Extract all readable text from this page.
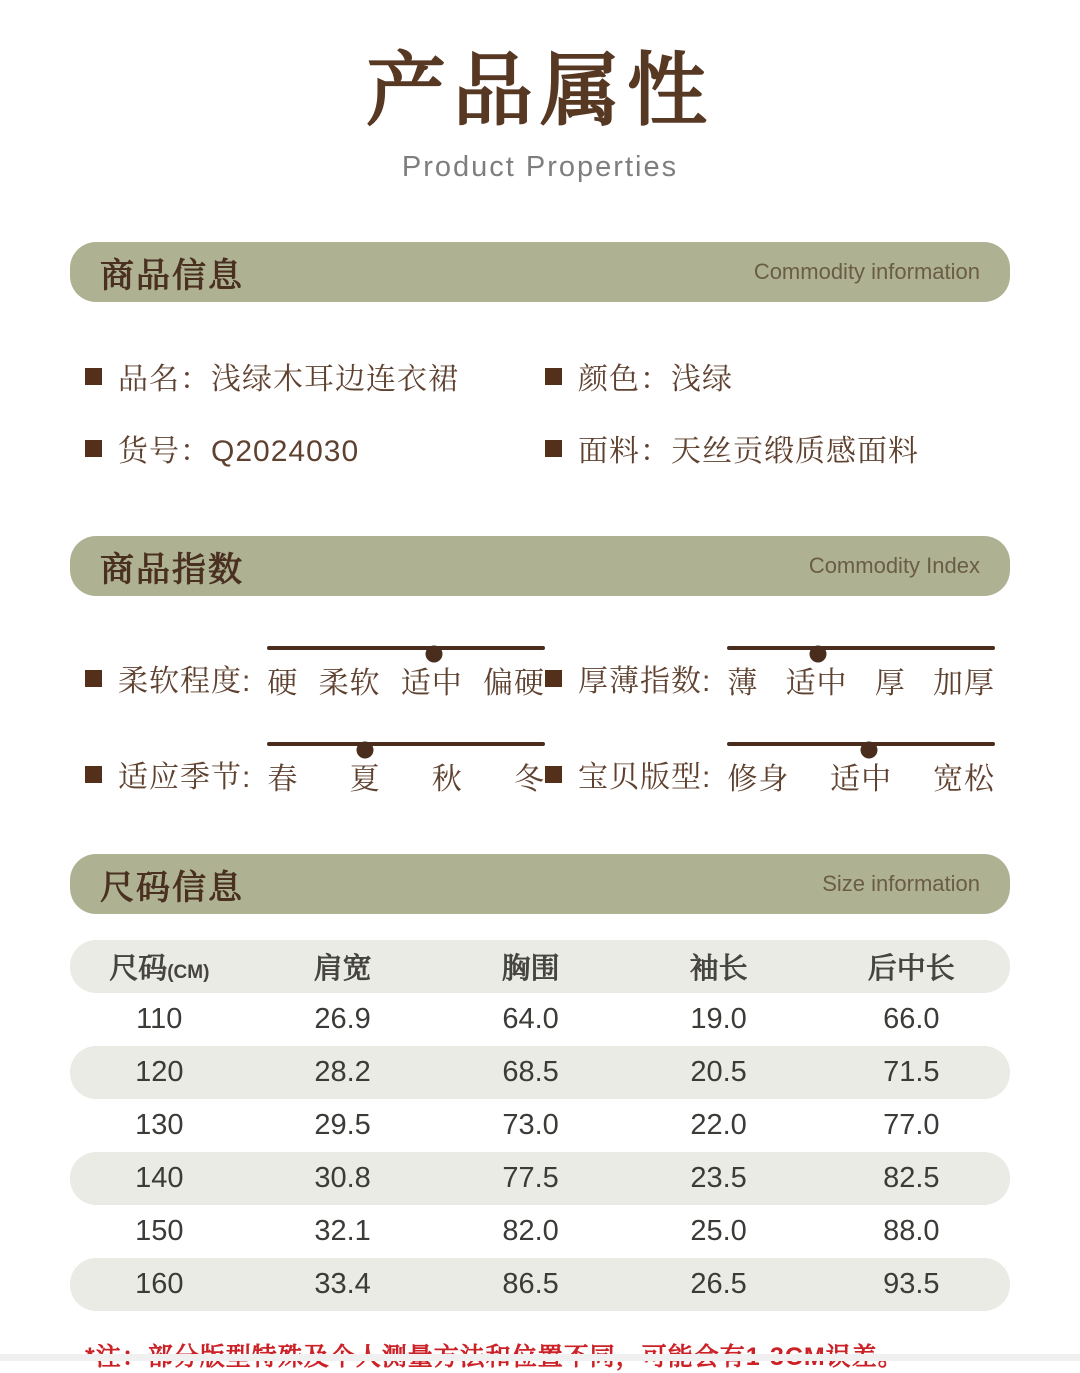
产品属性
Product Properties
商品信息	Commodity information
品名：浅绿木耳边连衣裙	颜色：浅绿
货号：Q2024030	面料：天丝贡缎质感面料
商品指数	Commodity Index
柔软程度: 硬 柔软 适中 偏硬 厚薄指数: 薄 适中 厚 加厚
适应季节: 春 夏 秋 冬 宝贝版型: 修身 适中 宽松
尺码信息	Size information
尺码(CM)	肩宽	胸围	袖长	后中长
110	26.9	64.0	19.0	66.0
120	28.2	68.5	20.5	71.5
130	29.5	73.0	22.0	77.0
140	30.8	77.5	23.5	82.5
150	32.1	82.0	25.0	88.0
160	33.4	86.5	26.5	93.5
